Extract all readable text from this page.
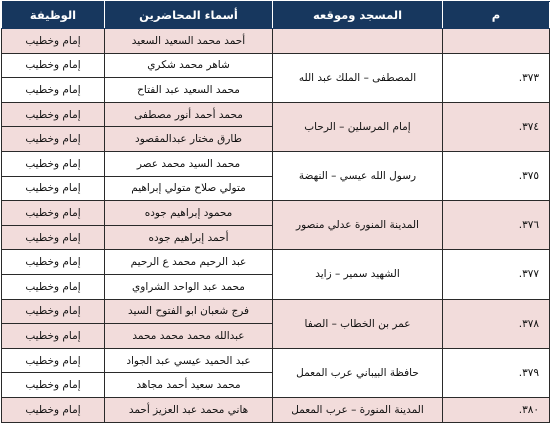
م	المسجد وموقعه	أسماء المحاضرين	الوظيفة
		أحمد محمد السعيد السعيد	إمام وخطيب
٣٧٣.	المصطفى – الملك عبد الله	شاهر محمد شكري	إمام وخطيب
		محمد السعيد عبد الفتاح	إمام وخطيب
٣٧٤.	إمام المرسلين – الرحاب	محمد أحمد أنور مصطفى	إمام وخطيب
		طارق مختار عبدالمقصود	إمام وخطيب
٣٧٥.	رسول الله عيسي – النهضة	محمد السيد محمد عصر	إمام وخطيب
		متولي صلاح متولي إبراهيم	إمام وخطيب
٣٧٦.	المدينة المنورة عدلي منصور	محمود إبراهيم جوده	إمام وخطيب
		أحمد إبراهيم جوده	إمام وخطيب
٣٧٧.	الشهيد سمير – زايد	عبد الرحيم محمد ع الرحيم	إمام وخطيب
		محمد عبد الواحد الشراوي	إمام وخطيب
٣٧٨.	عمر بن الخطاب – الصفا	فرج شعبان ابو الفتوح السيد	إمام وخطيب
		عبدالله محمد محمد محمد	إمام وخطيب
٣٧٩.	حافظة البيباني عرب المعمل	عبد الحميد عيسي عبد الجواد	إمام وخطيب
		محمد سعيد أحمد مجاهد	إمام وخطيب
٣٨٠.	المدينة المنورة – عرب المعمل	هاني محمد عبد العزيز أحمد	إمام وخطيب
